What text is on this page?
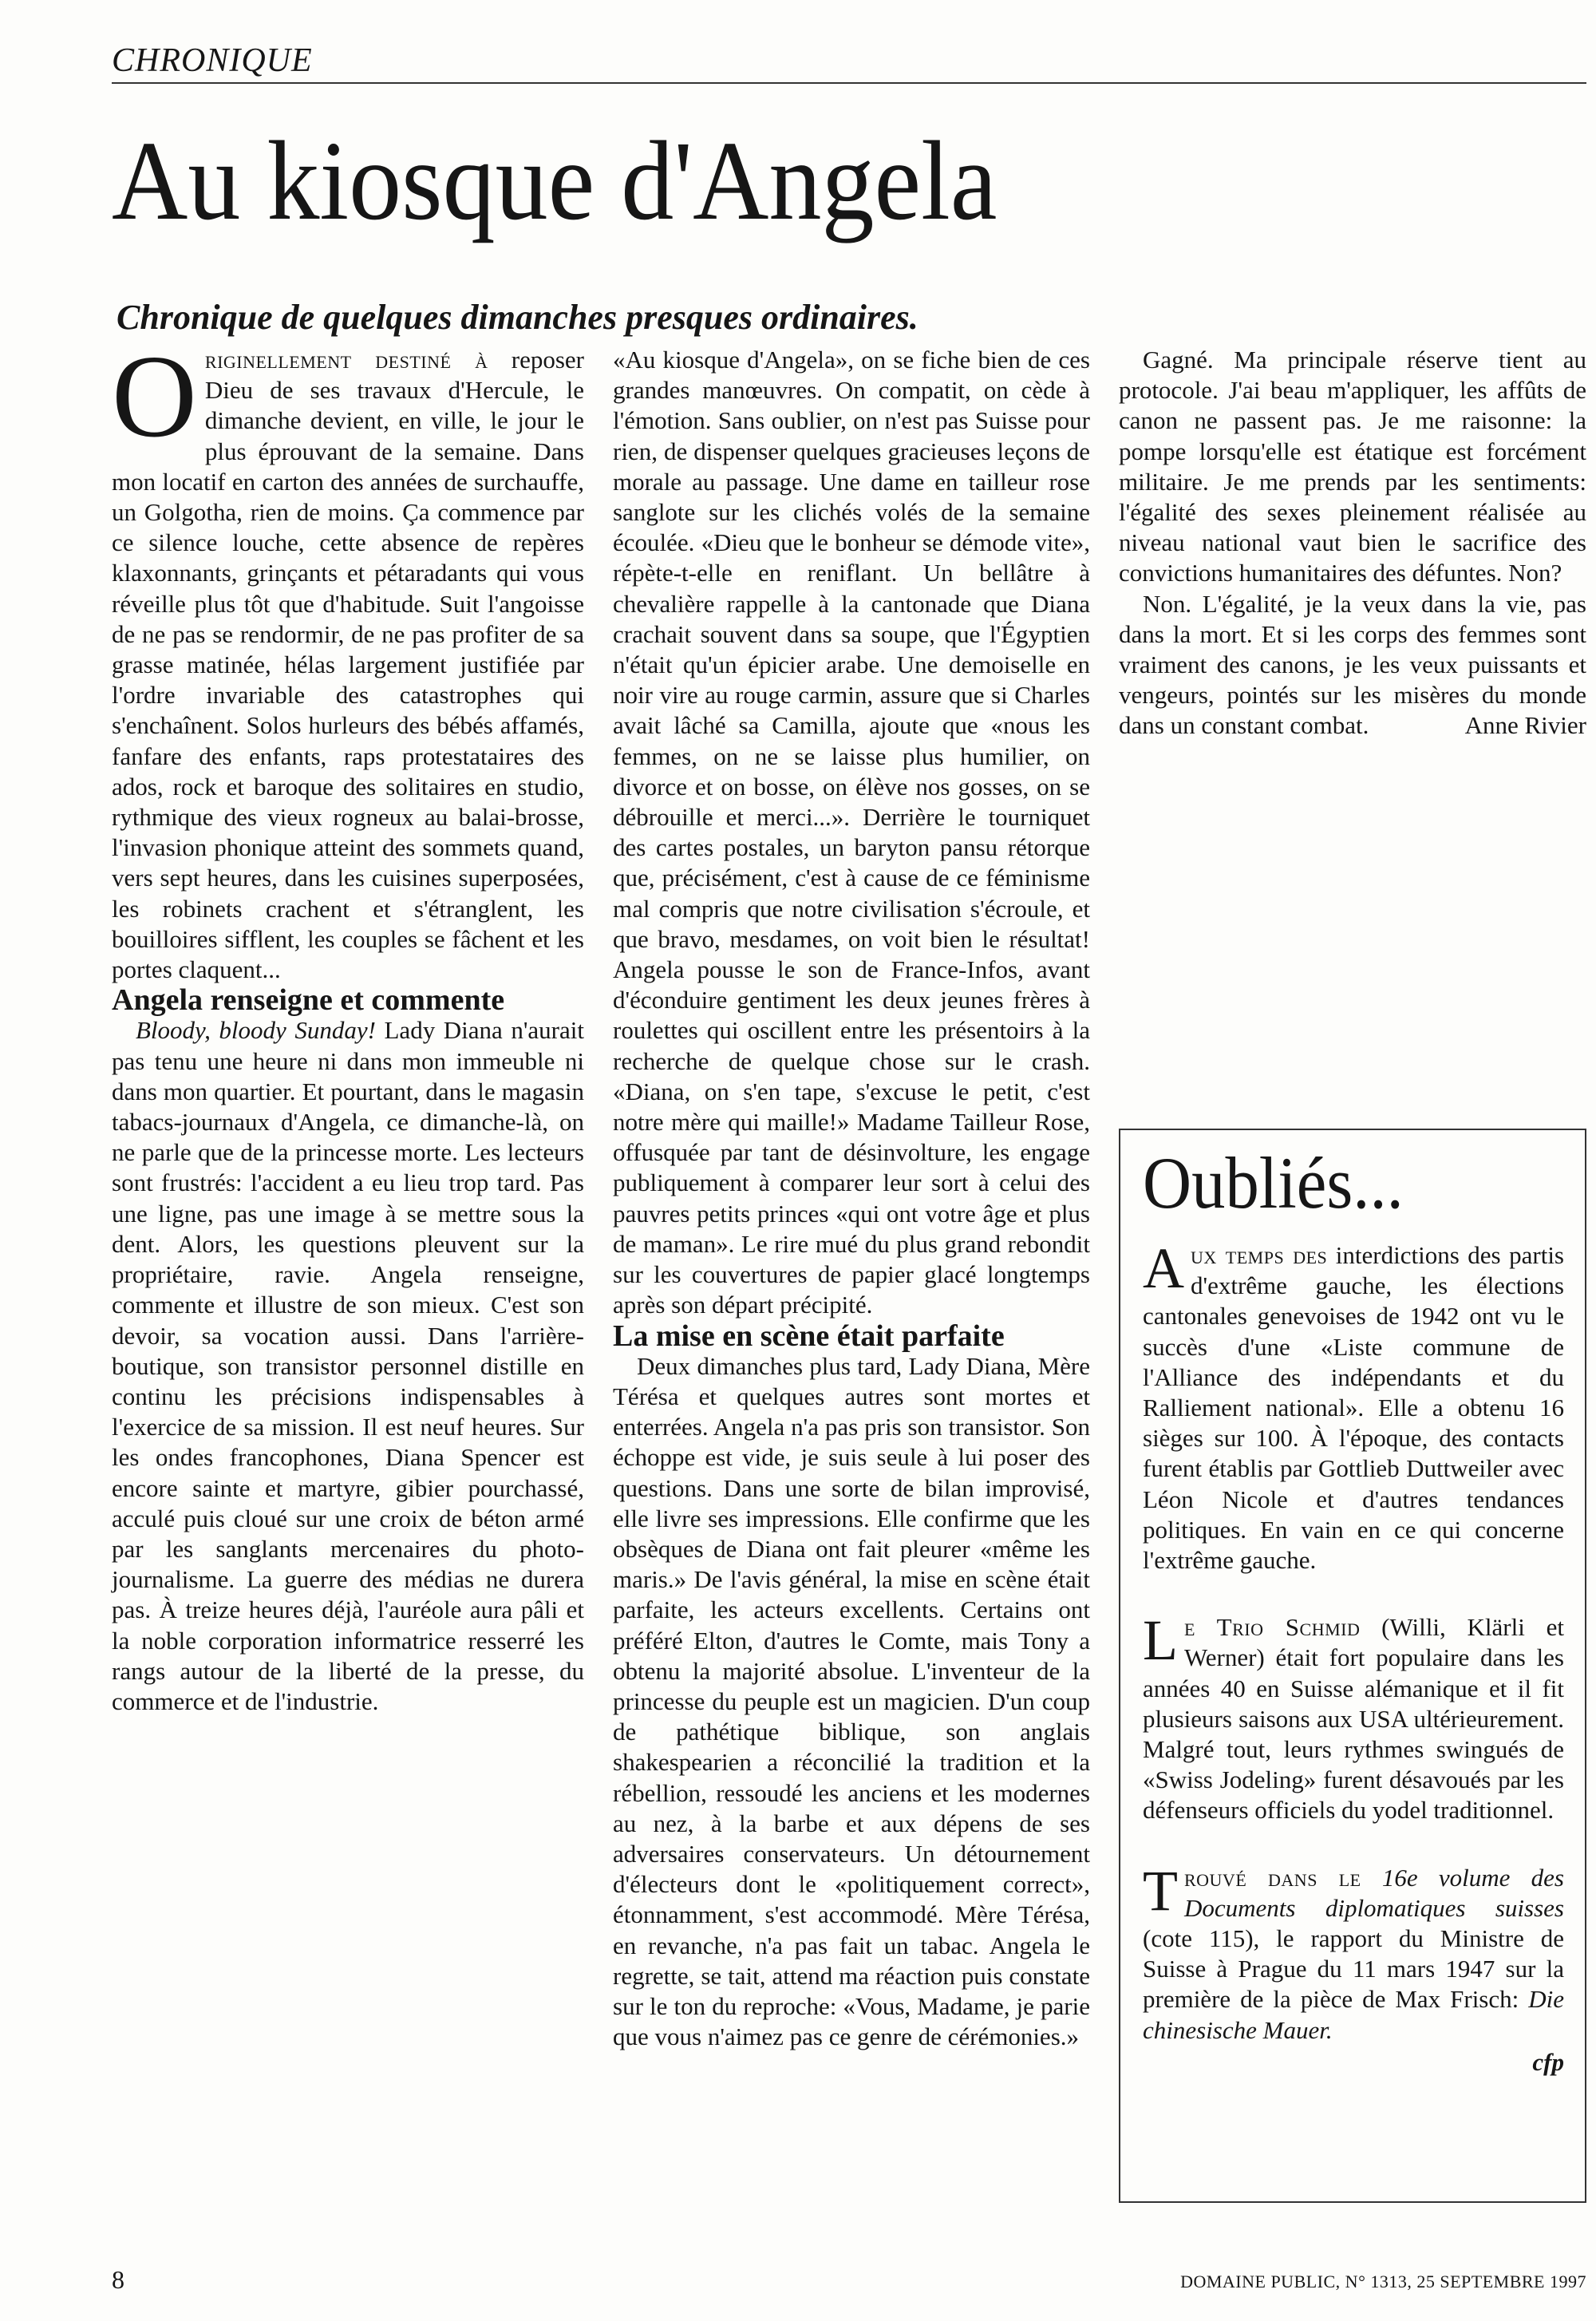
CHRONIQUE
Au kiosque d'Angela
Chronique de quelques dimanches presques ordinaires.

Originellement destiné à reposer Dieu de ses travaux d'Hercule, le dimanche devient, en ville, le jour le plus éprouvant de la semaine. Dans mon locatif en carton des années de surchauffe, un Golgotha, rien de moins. Ça commence par ce silence louche, cette absence de repères klaxonnants, grinçants et pétaradants qui vous réveille plus tôt que d'habitude. Suit l'angoisse de ne pas se rendormir, de ne pas profiter de sa grasse matinée, hélas largement justifiée par l'ordre invariable des catastrophes qui s'enchaînent. Solos hurleurs des bébés affamés, fanfare des enfants, raps protestataires des ados, rock et baroque des solitaires en studio, rythmique des vieux rogneux au balai-brosse, l'invasion phonique atteint des sommets quand, vers sept heures, dans les cuisines superposées, les robinets crachent et s'étranglent, les bouilloires sifflent, les couples se fâchent et les portes claquent...

Angela renseigne et commente

Bloody, bloody Sunday! Lady Diana n'aurait pas tenu une heure ni dans mon immeuble ni dans mon quartier. Et pourtant, dans le magasin tabacs-journaux d'Angela, ce dimanche-là, on ne parle que de la princesse morte. Les lecteurs sont frustrés: l'accident a eu lieu trop tard. Pas une ligne, pas une image à se mettre sous la dent. Alors, les questions pleuvent sur la propriétaire, ravie. Angela renseigne, commente et illustre de son mieux. C'est son devoir, sa vocation aussi. Dans l'arrière-boutique, son transistor personnel distille en continu les précisions indispensables à l'exercice de sa mission. Il est neuf heures. Sur les ondes francophones, Diana Spencer est encore sainte et martyre, gibier pourchassé, acculé puis cloué sur une croix de béton armé par les sanglants mercenaires du photo-journalisme. La guerre des médias ne durera pas. À treize heures déjà, l'auréole aura pâli et la noble corporation informatrice resserré les rangs autour de la liberté de la presse, du commerce et de l'industrie.

«Au kiosque d'Angela», on se fiche bien de ces grandes manœuvres. On compatit, on cède à l'émotion. Sans oublier, on n'est pas Suisse pour rien, de dispenser quelques gracieuses leçons de morale au passage. Une dame en tailleur rose sanglote sur les clichés volés de la semaine écoulée. «Dieu que le bonheur se démode vite», répète-t-elle en reniflant. Un bellâtre à chevalière rappelle à la cantonade que Diana crachait souvent dans sa soupe, que l'Égyptien n'était qu'un épicier arabe. Une demoiselle en noir vire au rouge carmin, assure que si Charles avait lâché sa Camilla, ajoute que «nous les femmes, on ne se laisse plus humilier, on divorce et on bosse, on élève nos gosses, on se débrouille et merci...». Derrière le tourniquet des cartes postales, un baryton pansu rétorque que, précisément, c'est à cause de ce féminisme mal compris que notre civilisation s'écroule, et que bravo, mesdames, on voit bien le résultat! Angela pousse le son de France-Infos, avant d'éconduire gentiment les deux jeunes frères à roulettes qui oscillent entre les présentoirs à la recherche de quelque chose sur le crash. «Diana, on s'en tape, s'excuse le petit, c'est notre mère qui maille!» Madame Tailleur Rose, offusquée par tant de désinvolture, les engage publiquement à comparer leur sort à celui des pauvres petits princes «qui ont votre âge et plus de maman». Le rire mué du plus grand rebondit sur les couvertures de papier glacé longtemps après son départ précipité.

La mise en scène était parfaite

Deux dimanches plus tard, Lady Diana, Mère Térésa et quelques autres sont mortes et enterrées. Angela n'a pas pris son transistor. Son échoppe est vide, je suis seule à lui poser des questions. Dans une sorte de bilan improvisé, elle livre ses impressions. Elle confirme que les obsèques de Diana ont fait pleurer «même les maris.» De l'avis général, la mise en scène était parfaite, les acteurs excellents. Certains ont préféré Elton, d'autres le Comte, mais Tony a obtenu la majorité absolue. L'inventeur de la princesse du peuple est un magicien. D'un coup de pathétique biblique, son anglais shakespearien a réconcilié la tradition et la rébellion, ressoudé les anciens et les modernes au nez, à la barbe et aux dépens de ses adversaires conservateurs. Un détournement d'électeurs dont le «politiquement correct», étonnamment, s'est accommodé. Mère Térésa, en revanche, n'a pas fait un tabac. Angela le regrette, se tait, attend ma réaction puis constate sur le ton du reproche: «Vous, Madame, je parie que vous n'aimez pas ce genre de cérémonies.»

Gagné. Ma principale réserve tient au protocole. J'ai beau m'appliquer, les affûts de canon ne passent pas. Je me raisonne: la pompe lorsqu'elle est étatique est forcément militaire. Je me prends par les sentiments: l'égalité des sexes pleinement réalisée au niveau national vaut bien le sacrifice des convictions humanitaires des défuntes. Non?

Non. L'égalité, je la veux dans la vie, pas dans la mort. Et si les corps des femmes sont vraiment des canons, je les veux puissants et vengeurs, pointés sur les misères du monde dans un constant combat.	Anne Rivier

Oubliés...

Aux temps des interdictions des partis d'extrême gauche, les élections cantonales genevoises de 1942 ont vu le succès d'une «Liste commune de l'Alliance des indépendants et du Ralliement national». Elle a obtenu 16 sièges sur 100. À l'époque, des contacts furent établis par Gottlieb Duttweiler avec Léon Nicole et d'autres tendances politiques. En vain en ce qui concerne l'extrême gauche.

Le Trio Schmid (Willi, Klärli et Werner) était fort populaire dans les années 40 en Suisse alémanique et il fit plusieurs saisons aux USA ultérieurement. Malgré tout, leurs rythmes swingués de «Swiss Jodeling» furent désavoués par les défenseurs officiels du yodel traditionnel.

Trouvé dans le 16e volume des Documents diplomatiques suisses (cote 115), le rapport du Ministre de Suisse à Prague du 11 mars 1947 sur la première de la pièce de Max Frisch: Die chinesische Mauer.

cfp
8	DOMAINE PUBLIC, N° 1313, 25 SEPTEMBRE 1997
